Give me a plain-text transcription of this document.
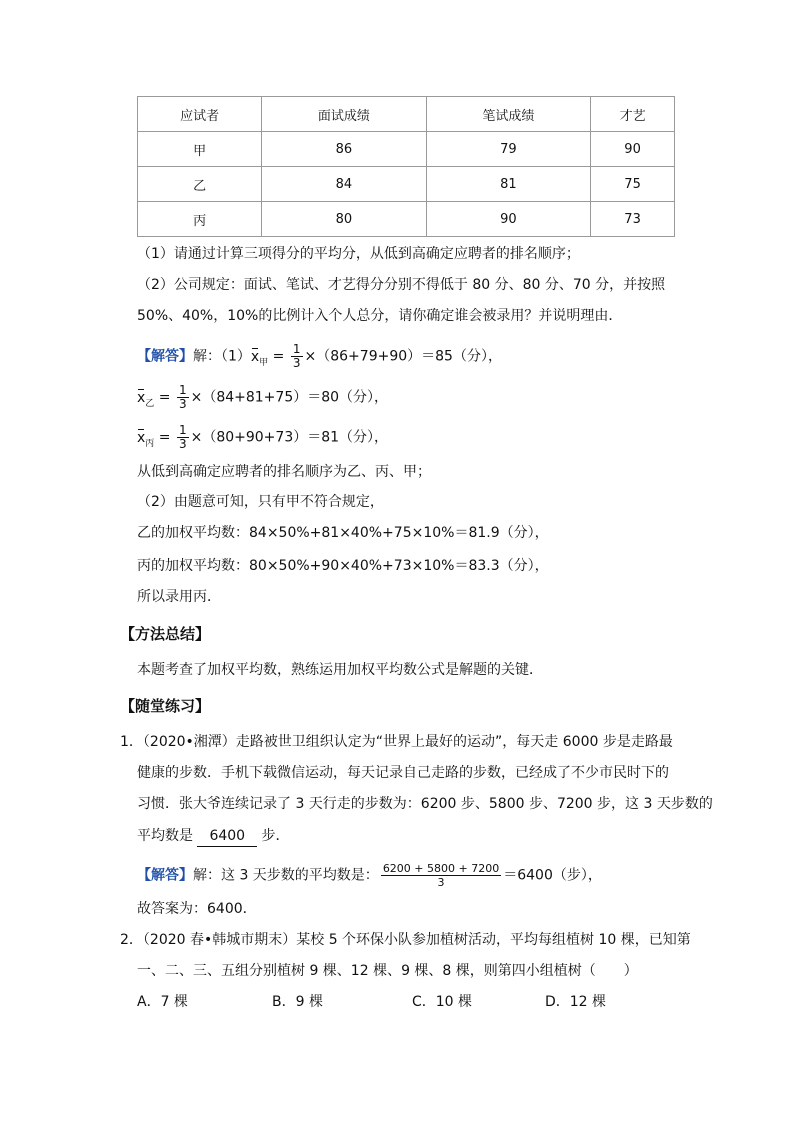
应试者	面试成绩	笔试成绩	才艺
甲	86	79	90
乙	84	81	75
丙	80	90	73
（1）请通过计算三项得分的平均分，从低到高确定应聘者的排名顺序；
（2）公司规定：面试、笔试、才艺得分分别不得低于 80 分、80 分、70 分，并按照
50%、40%，10%的比例计入个人总分，请你确定谁会被录用？并说明理由．
【解答】解：$(1)x_甲 = \frac{1}{3} \times(86+79+90)=85$（分），
$x_乙 = \frac{1}{3} \times(84+81+75)=80$（分），
$x_丙 = \frac{1}{3} \times(80+90+73)=81$（分），
从低到高确定应聘者的排名顺序为乙、丙、甲；
（2）由题意可知，只有甲不符合规定，
乙的加权平均数：84×50%+81×40%+75×10%＝81.9（分），
丙的加权平均数：80×50%+90×40%+73×10%＝83.3（分），
所以录用丙．
【方法总结】
本题考查了加权平均数，熟练运用加权平均数公式是解题的关键．
【随堂练习】
1．（2020•湘潭）走路被世卫组织认定为“世界上最好的运动”，每天走 6000 步是走路最
健康的步数．手机下载微信运动，每天记录自己走路的步数，已经成了不少市民时下的
习惯．张大爷连续记录了 3 天行走的步数为：6200 步、5800 步、7200 步，这 3 天步数的
平均数是 6400 步．
【解答】解：这 3 天步数的平均数是： $\frac{6200 + 5800 + 7200}{3} =6400$（步），
故答案为：6400．
2．（2020 春•韩城市期末）某校 5 个环保小队参加植树活动，平均每组植树 10 棵，已知第
一、二、三、五组分别植树 9 棵、12 棵、9 棵、8 棵，则第四小组植树（　　）
A．7 棵	B．9 棵	C．10 棵	D．12 棵
